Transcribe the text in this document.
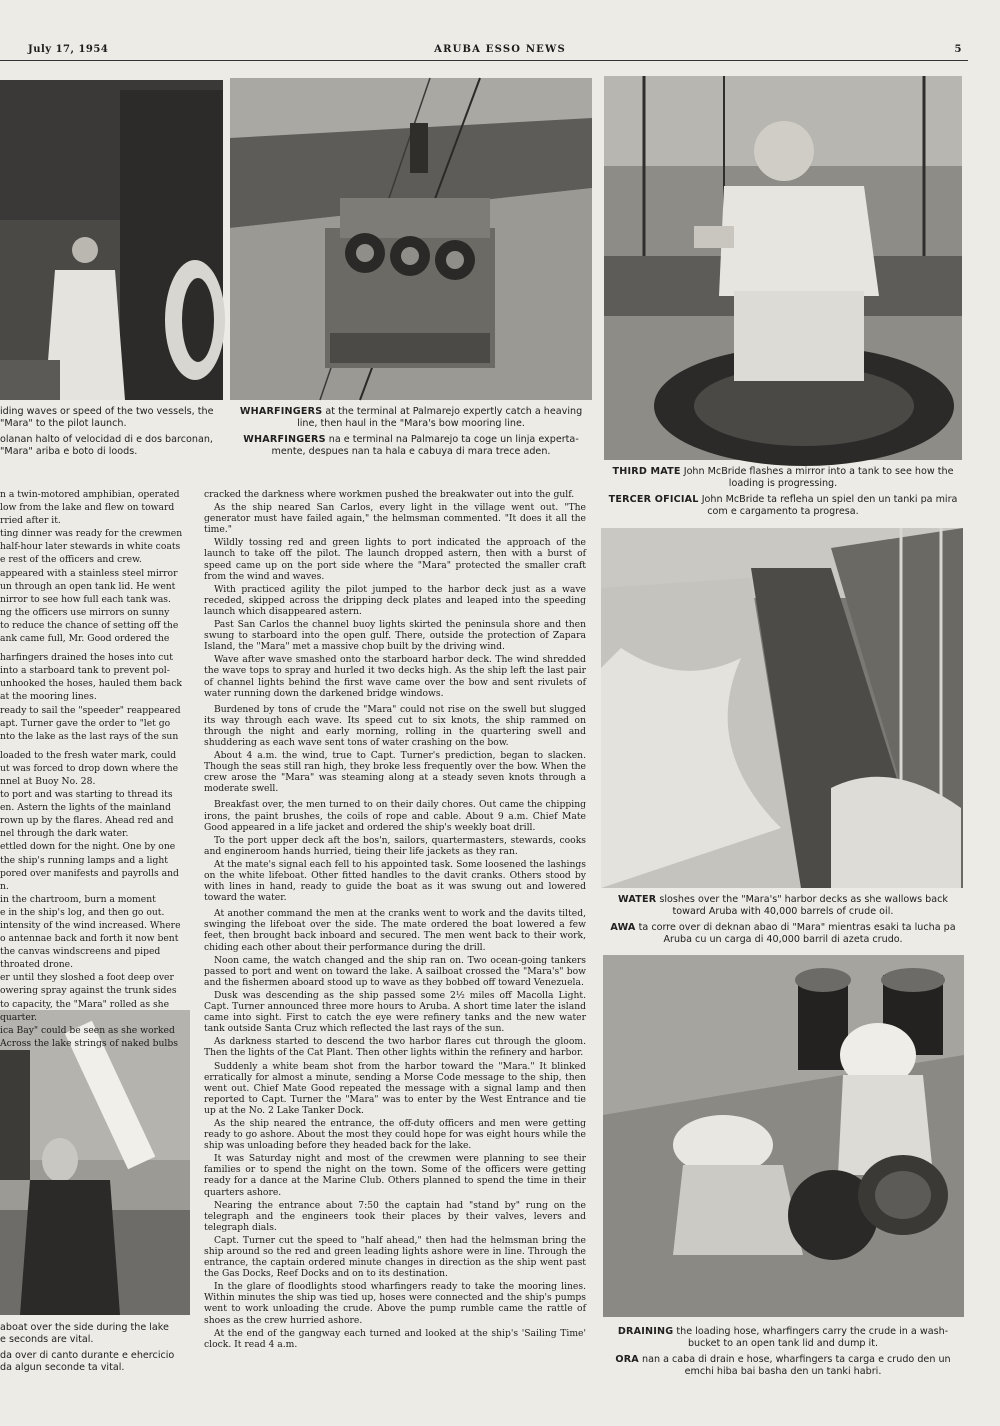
July 17, 1954	ARUBA ESSO NEWS	5

iding waves or speed of the two vessels, the
"Mara" to the pilot launch.

olanan halto of velocidad di e dos barconan,
"Mara" ariba e boto di loods.

WHARFINGERS at the terminal at Palmarejo expertly catch a heaving line, then haul in the "Mara's bow mooring line.

WHARFINGERS na e terminal na Palmarejo ta coge un linja experta-mente, despues nan ta hala e cabuya di mara trece aden.

THIRD MATE John McBride flashes a mirror into a tank to see how the loading is progressing.

TERCER OFICIAL John McBride ta refleha un spiel den un tanki pa mira com e cargamento ta progresa.

WATER sloshes over the "Mara's" harbor decks as she wallows back toward Aruba with 40,000 barrels of crude oil.

AWA ta corre over di deknan abao di "Mara" mientras esaki ta lucha pa Aruba cu un carga di 40,000 barril di azeta crudo.

aboat over the side during the lake
e seconds are vital.

da over di canto durante e ehercicio
da algun seconde ta vital.

DRAINING the loading hose, wharfingers carry the crude in a wash-bucket to an open tank lid and dump it.

ORA nan a caba di drain e hose, wharfingers ta carga e crudo den un emchi hiba bai basha den un tanki habri.

n a twin-motored amphibian, operated

low from the lake and flew on toward

rried after it.

ting dinner was ready for the crewmen

half-hour later stewards in white coats

e rest of the officers and crew.

appeared with a stainless steel mirror

un through an open tank lid. He went

nirror to see how full each tank was.

ng the officers use mirrors on sunny

to reduce the chance of setting off the

ank came full, Mr. Good ordered the

harfingers drained the hoses into cut

into a starboard tank to prevent pol-

unhooked the hoses, hauled them back

at the mooring lines.

ready to sail the "speeder" reappeared

apt. Turner gave the order to "let go

nto the lake as the last rays of the sun

loaded to the fresh water mark, could

ut was forced to drop down where the

nnel at Buoy No. 28.

to port and was starting to thread its

en. Astern the lights of the mainland

rown up by the flares. Ahead red and

nel through the dark water.

ettled down for the night. One by one

the ship's running lamps and a light

pored over manifests and payrolls and

n.

in the chartroom, burn a moment

e in the ship's log, and then go out.

intensity of the wind increased. Where

o antennae back and forth it now bent

the canvas windscreens and piped

throated drone.

er until they sloshed a foot deep over

owering spray against the trunk sides

to capacity, the "Mara" rolled as she

quarter.

ica Bay" could be seen as she worked

Across the lake strings of naked bulbs

cracked the darkness where workmen pushed the breakwater out into the gulf.

As the ship neared San Carlos, every light in the village went out. "The generator must have failed again," the helmsman commented. "It does it all the time."

Wildly tossing red and green lights to port indicated the approach of the launch to take off the pilot. The launch dropped astern, then with a burst of speed came up on the port side where the "Mara" protected the smaller craft from the wind and waves.

With practiced agility the pilot jumped to the harbor deck just as a wave receded, skipped across the dripping deck plates and leaped into the speeding launch which disappeared astern.

Past San Carlos the channel buoy lights skirted the peninsula shore and then swung to starboard into the open gulf. There, outside the protection of Zapara Island, the "Mara" met a massive chop built by the driving wind.

Wave after wave smashed onto the starboard harbor deck. The wind shredded the wave tops to spray and hurled it two decks high. As the ship left the last pair of channel lights behind the first wave came over the bow and sent rivulets of water running down the darkened bridge windows.

Burdened by tons of crude the "Mara" could not rise on the swell but slugged its way through each wave. Its speed cut to six knots, the ship rammed on through the night and early morning, rolling in the quartering swell and shuddering as each wave sent tons of water crashing on the bow.

About 4 a.m. the wind, true to Capt. Turner's prediction, began to slacken. Though the seas still ran high, they broke less frequently over the bow. When the crew arose the "Mara" was steaming along at a steady seven knots through a moderate swell.

Breakfast over, the men turned to on their daily chores. Out came the chipping irons, the paint brushes, the coils of rope and cable. About 9 a.m. Chief Mate Good appeared in a life jacket and ordered the ship's weekly boat drill.

To the port upper deck aft the bos'n, sailors, quartermasters, stewards, cooks and engineroom hands hurried, tieing their life jackets as they ran.

At the mate's signal each fell to his appointed task. Some loosened the lashings on the white lifeboat. Other fitted handles to the davit cranks. Others stood by with lines in hand, ready to guide the boat as it was swung out and lowered toward the water.

At another command the men at the cranks went to work and the davits tilted, swinging the lifeboat over the side. The mate ordered the boat lowered a few feet, then brought back inboard and secured. The men went back to their work, chiding each other about their performance during the drill.

Noon came, the watch changed and the ship ran on. Two ocean-going tankers passed to port and went on toward the lake. A sailboat crossed the "Mara's" bow and the fishermen aboard stood up to wave as they bobbed off toward Venezuela.

Dusk was descending as the ship passed some 2½ miles off Macolla Light. Capt. Turner announced three more hours to Aruba. A short time later the island came into sight. First to catch the eye were refinery tanks and the new water tank outside Santa Cruz which reflected the last rays of the sun.

As darkness started to descend the two harbor flares cut through the gloom. Then the lights of the Cat Plant. Then other lights within the refinery and harbor.

Suddenly a white beam shot from the harbor toward the "Mara." It blinked erratically for almost a minute, sending a Morse Code message to the ship, then went out. Chief Mate Good repeated the message with a signal lamp and then reported to Capt. Turner the "Mara" was to enter by the West Entrance and tie up at the No. 2 Lake Tanker Dock.

As the ship neared the entrance, the off-duty officers and men were getting ready to go ashore. About the most they could hope for was eight hours while the ship was unloading before they headed back for the lake.

It was Saturday night and most of the crewmen were planning to see their families or to spend the night on the town. Some of the officers were getting ready for a dance at the Marine Club. Others planned to spend the time in their quarters ashore.

Nearing the entrance about 7:50 the captain had "stand by" rung on the telegraph and the engineers took their places by their valves, levers and telegraph dials.

Capt. Turner cut the speed to "half ahead," then had the helmsman bring the ship around so the red and green leading lights ashore were in line. Through the entrance, the captain ordered minute changes in direction as the ship went past the Gas Docks, Reef Docks and on to its destination.

In the glare of floodlights stood wharfingers ready to take the mooring lines. Within minutes the ship was tied up, hoses were connected and the ship's pumps went to work unloading the crude. Above the pump rumble came the rattle of shoes as the crew hurried ashore.

At the end of the gangway each turned and looked at the ship's 'Sailing Time' clock. It read 4 a.m.
